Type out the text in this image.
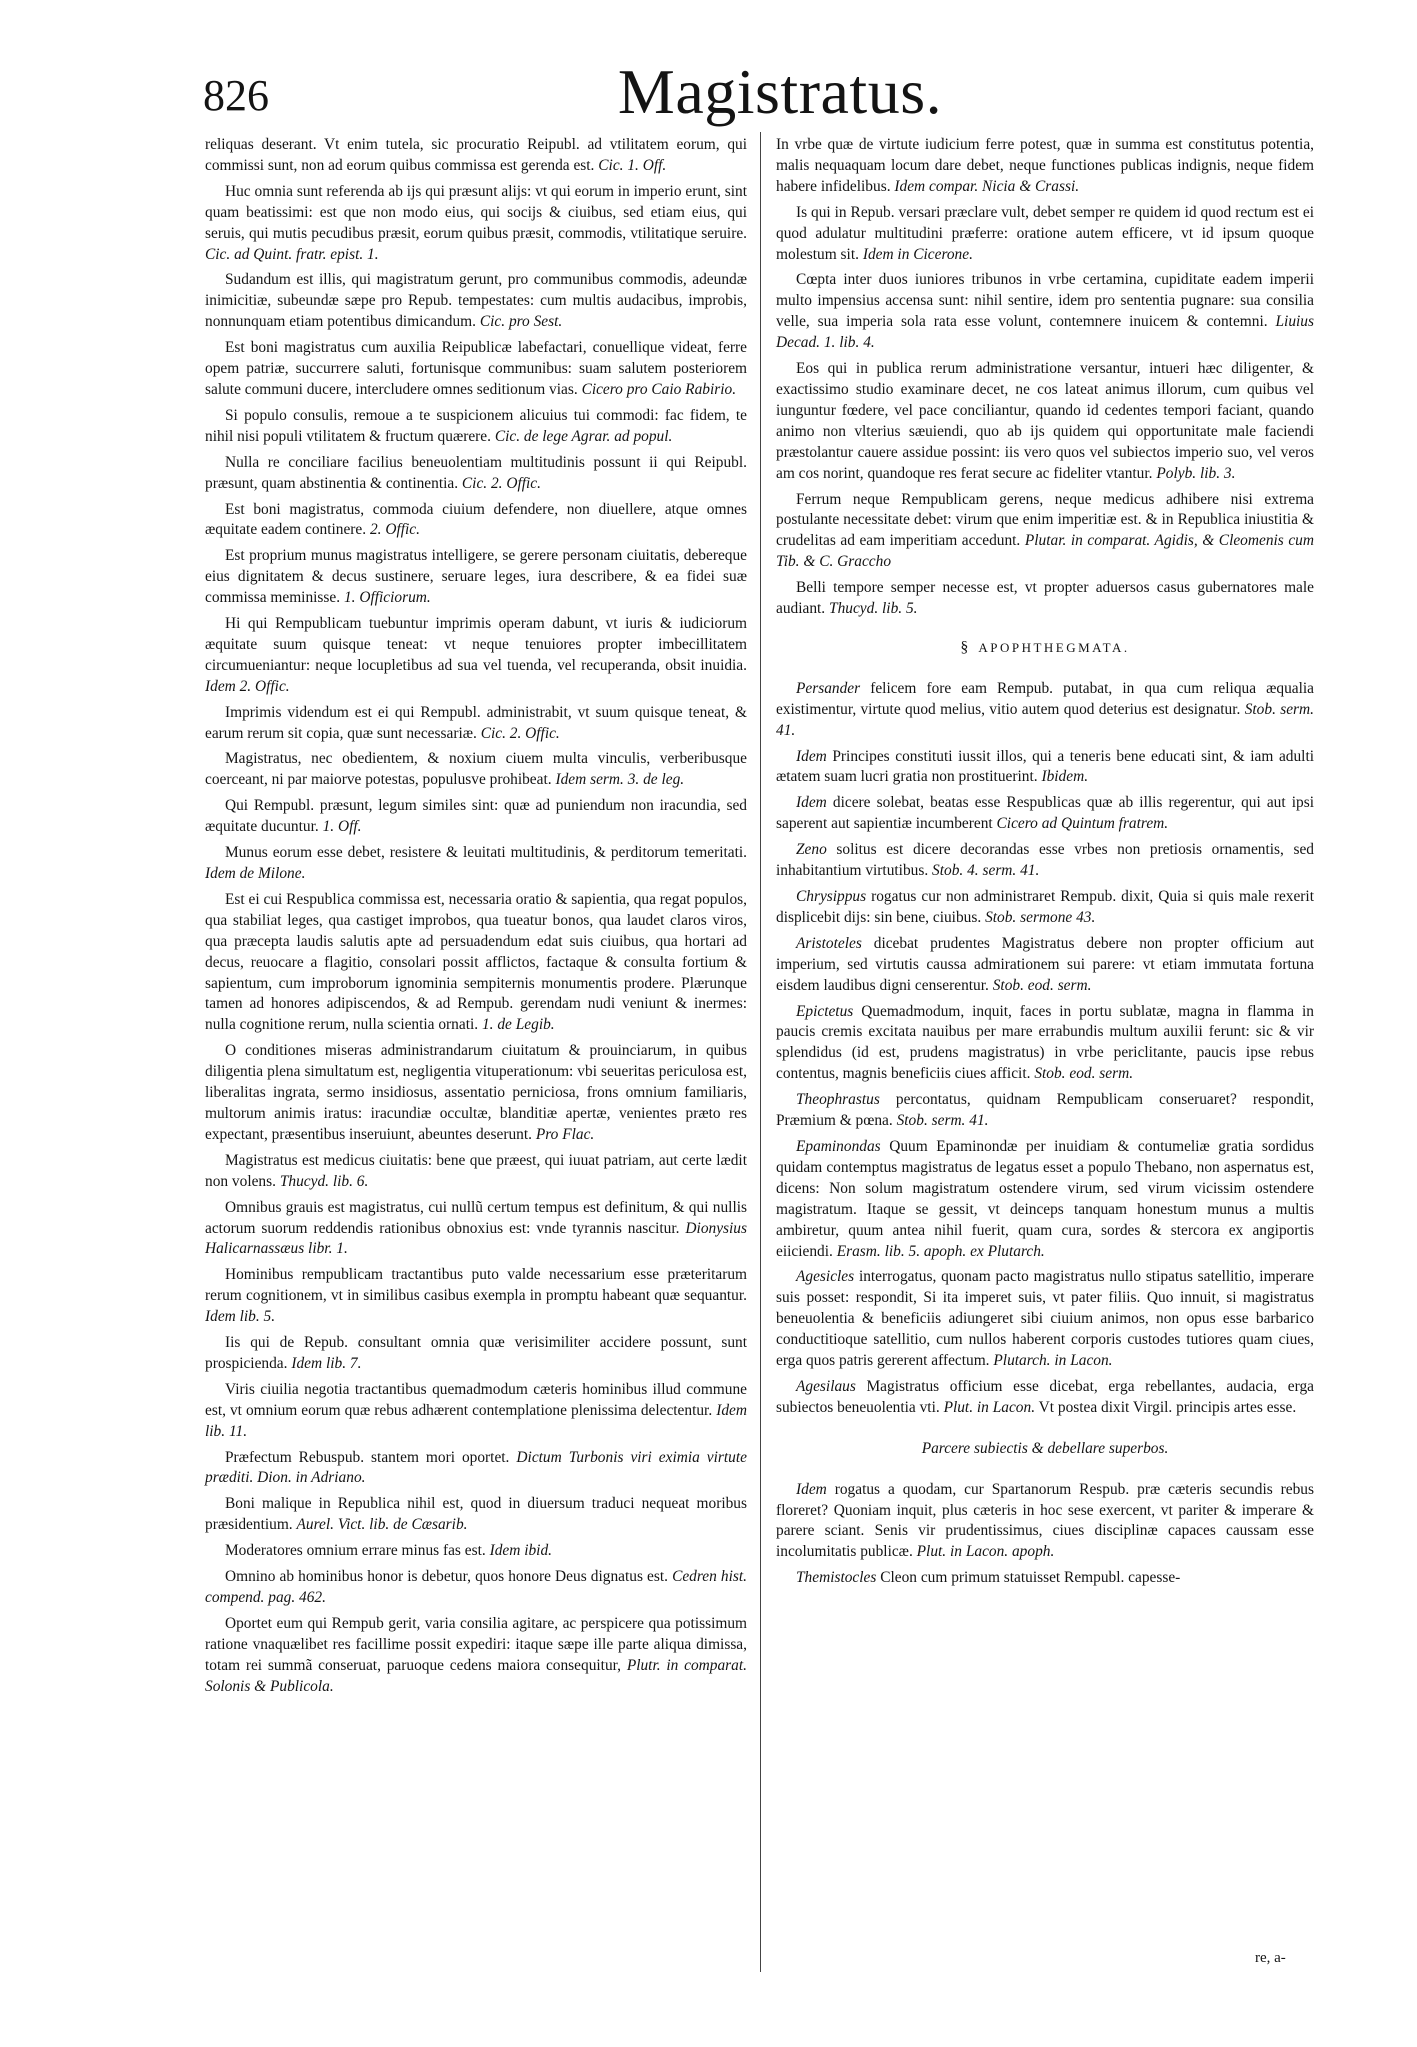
826	Magistratus.

reliquas deserant. Vt enim tutela, sic procuratio Reipubl. ad vtilitatem eorum, qui commissi sunt, non ad eorum quibus commissa est gerenda est. Cic. 1. Off.

Huc omnia sunt referenda ab ijs qui præsunt alijs: vt qui eorum in imperio erunt, sint quam beatissimi: est que non modo eius, qui socijs & ciuibus, sed etiam eius, qui seruis, qui mutis pecudibus præsit, eorum quibus præsit, commodis, vtilitatique seruire. Cic. ad Quint. fratr. epist. 1.

Sudandum est illis, qui magistratum gerunt, pro communibus commodis, adeundæ inimicitiæ, subeundæ sæpe pro Repub. tempestates: cum multis audacibus, improbis, nonnunquam etiam potentibus dimicandum. Cic. pro Sest.

Est boni magistratus cum auxilia Reipublicæ labefactari, conuellique videat, ferre opem patriæ, succurrere saluti, fortunisque communibus: suam salutem posteriorem salute communi ducere, intercludere omnes seditionum vias. Cicero pro Caio Rabirio.

Si populo consulis, remoue a te suspicionem alicuius tui commodi: fac fidem, te nihil nisi populi vtilitatem & fructum quærere. Cic. de lege Agrar. ad popul.

Nulla re conciliare facilius beneuolentiam multitudinis possunt ii qui Reipubl. præsunt, quam abstinentia & continentia. Cic. 2. Offic.

Est boni magistratus, commoda ciuium defendere, non diuellere, atque omnes æquitate eadem continere. 2. Offic.

Est proprium munus magistratus intelligere, se gerere personam ciuitatis, debereque eius dignitatem & decus sustinere, seruare leges, iura describere, & ea fidei suæ commissa meminisse. 1. Officiorum.

Hi qui Rempublicam tuebuntur imprimis operam dabunt, vt iuris & iudiciorum æquitate suum quisque teneat: vt neque tenuiores propter imbecillitatem circumueniantur: neque locupletibus ad sua vel tuenda, vel recuperanda, obsit inuidia. Idem 2. Offic.

Imprimis videndum est ei qui Rempubl. administrabit, vt suum quisque teneat, & earum rerum sit copia, quæ sunt necessariæ. Cic. 2. Offic.

Magistratus, nec obedientem, & noxium ciuem multa vinculis, verberibusque coerceant, ni par maiorve potestas, populusve prohibeat. Idem serm. 3. de leg.

Qui Rempubl. præsunt, legum similes sint: quæ ad puniendum non iracundia, sed æquitate ducuntur. 1. Off.

Munus eorum esse debet, resistere & leuitati multitudinis, & perditorum temeritati. Idem de Milone.

Est ei cui Respublica commissa est, necessaria oratio & sapientia, qua regat populos, qua stabiliat leges, qua castiget improbos, qua tueatur bonos, qua laudet claros viros, qua præcepta laudis salutis apte ad persuadendum edat suis ciuibus, qua hortari ad decus, reuocare a flagitio, consolari possit afflictos, factaque & consulta fortium & sapientum, cum improborum ignominia sempiternis monumentis prodere. Plærunque tamen ad honores adipiscendos, & ad Rempub. gerendam nudi veniunt & inermes: nulla cognitione rerum, nulla scientia ornati. 1. de Legib.

O conditiones miseras administrandarum ciuitatum & prouinciarum, in quibus diligentia plena simultatum est, negligentia vituperationum: vbi seueritas periculosa est, liberalitas ingrata, sermo insidiosus, assentatio perniciosa, frons omnium familiaris, multorum animis iratus: iracundiæ occultæ, blanditiæ apertæ, venientes præto res expectant, præsentibus inseruiunt, abeuntes deserunt. Pro Flac.

Magistratus est medicus ciuitatis: bene que præest, qui iuuat patriam, aut certe lædit non volens. Thucyd. lib. 6.

Omnibus grauis est magistratus, cui nullũ certum tempus est definitum, & qui nullis actorum suorum reddendis rationibus obnoxius est: vnde tyrannis nascitur. Dionysius Halicarnassæus libr. 1.

Hominibus rempublicam tractantibus puto valde necessarium esse præteritarum rerum cognitionem, vt in similibus casibus exempla in promptu habeant quæ sequantur. Idem lib. 5.

Iis qui de Repub. consultant omnia quæ verisimiliter accidere possunt, sunt prospicienda. Idem lib. 7.

Viris ciuilia negotia tractantibus quemadmodum cæteris hominibus illud commune est, vt omnium eorum quæ rebus adhærent contemplatione plenissima delectentur. Idem lib. 11.

Præfectum Rebuspub. stantem mori oportet. Dictum Turbonis viri eximia virtute præditi. Dion. in Adriano.

Boni malique in Republica nihil est, quod in diuersum traduci nequeat moribus præsidentium. Aurel. Vict. lib. de Cæsarib.

Moderatores omnium errare minus fas est. Idem ibid.

Omnino ab hominibus honor is debetur, quos honore Deus dignatus est. Cedren hist. compend. pag. 462.

Oportet eum qui Rempub gerit, varia consilia agitare, ac perspicere qua potissimum ratione vnaquælibet res facillime possit expediri: itaque sæpe ille parte aliqua dimissa, totam rei summã conseruat, paruoque cedens maiora consequitur, Plutr. in comparat. Solonis & Publicola.

In vrbe quæ de virtute iudicium ferre potest, quæ in summa est constitutus potentia, malis nequaquam locum dare debet, neque functiones publicas indignis, neque fidem habere infidelibus. Idem compar. Nicia & Crassi.

Is qui in Repub. versari præclare vult, debet semper re quidem id quod rectum est ei quod adulatur multitudini præferre: oratione autem efficere, vt id ipsum quoque molestum sit. Idem in Cicerone.

Cœpta inter duos iuniores tribunos in vrbe certamina, cupiditate eadem imperii multo impensius accensa sunt: nihil sentire, idem pro sententia pugnare: sua consilia velle, sua imperia sola rata esse volunt, contemnere inuicem & contemni. Liuius Decad. 1. lib. 4.

Eos qui in publica rerum administratione versantur, intueri hæc diligenter, & exactissimo studio examinare decet, ne cos lateat animus illorum, cum quibus vel iunguntur fœdere, vel pace conciliantur, quando id cedentes tempori faciant, quando animo non vlterius sæuiendi, quo ab ijs quidem qui opportunitate male faciendi præstolantur cauere assidue possint: iis vero quos vel subiectos imperio suo, vel veros am cos norint, quandoque res ferat secure ac fideliter vtantur. Polyb. lib. 3.

Ferrum neque Rempublicam gerens, neque medicus adhibere nisi extrema postulante necessitate debet: virum que enim imperitiæ est. & in Republica iniustitia & crudelitas ad eam imperitiam accedunt. Plutar. in comparat. Agidis, & Cleomenis cum Tib. & C. Graccho

Belli tempore semper necesse est, vt propter aduersos casus gubernatores male audiant. Thucyd. lib. 5.

§ APOPHTHEGMATA.

Persander felicem fore eam Rempub. putabat, in qua cum reliqua æqualia existimentur, virtute quod melius, vitio autem quod deterius est designatur. Stob. serm. 41.

Idem Principes constituti iussit illos, qui a teneris bene educati sint, & iam adulti ætatem suam lucri gratia non prostituerint. Ibidem.

Idem dicere solebat, beatas esse Respublicas quæ ab illis regerentur, qui aut ipsi saperent aut sapientiæ incumberent Cicero ad Quintum fratrem.

Zeno solitus est dicere decorandas esse vrbes non pretiosis ornamentis, sed inhabitantium virtutibus. Stob. 4. serm. 41.

Chrysippus rogatus cur non administraret Rempub. dixit, Quia si quis male rexerit displicebit dijs: sin bene, ciuibus. Stob. sermone 43.

Aristoteles dicebat prudentes Magistratus debere non propter officium aut imperium, sed virtutis caussa admirationem sui parere: vt etiam immutata fortuna eisdem laudibus digni censerentur. Stob. eod. serm.

Epictetus Quemadmodum, inquit, faces in portu sublatæ, magna in flamma in paucis cremis excitata nauibus per mare errabundis multum auxilii ferunt: sic & vir splendidus (id est, prudens magistratus) in vrbe periclitante, paucis ipse rebus contentus, magnis beneficiis ciues afficit. Stob. eod. serm.

Theophrastus percontatus, quidnam Rempublicam conseruaret? respondit, Præmium & pœna. Stob. serm. 41.

Epaminondas Quum Epaminondæ per inuidiam & contumeliæ gratia sordidus quidam contemptus magistratus de legatus esset a populo Thebano, non aspernatus est, dicens: Non solum magistratum ostendere virum, sed virum vicissim ostendere magistratum. Itaque se gessit, vt deinceps tanquam honestum munus a multis ambiretur, quum antea nihil fuerit, quam cura, sordes & stercora ex angiportis eiiciendi. Erasm. lib. 5. apoph. ex Plutarch.

Agesicles interrogatus, quonam pacto magistratus nullo stipatus satellitio, imperare suis posset: respondit, Si ita imperet suis, vt pater filiis. Quo innuit, si magistratus beneuolentia & beneficiis adiungeret sibi ciuium animos, non opus esse barbarico conductitioque satellitio, cum nullos haberent corporis custodes tutiores quam ciues, erga quos patris gererent affectum. Plutarch. in Lacon.

Agesilaus Magistratus officium esse dicebat, erga rebellantes, audacia, erga subiectos beneuolentia vti. Plut. in Lacon. Vt postea dixit Virgil. principis artes esse.

Parcere subiectis & debellare superbos.

Idem rogatus a quodam, cur Spartanorum Respub. præ cæteris secundis rebus floreret? Quoniam inquit, plus cæteris in hoc sese exercent, vt pariter & imperare & parere sciant. Senis vir prudentissimus, ciues disciplinæ capaces caussam esse incolumitatis publicæ. Plut. in Lacon. apoph.

Themistocles Cleon cum primum statuisset Rempubl. capesse-

re, a-
